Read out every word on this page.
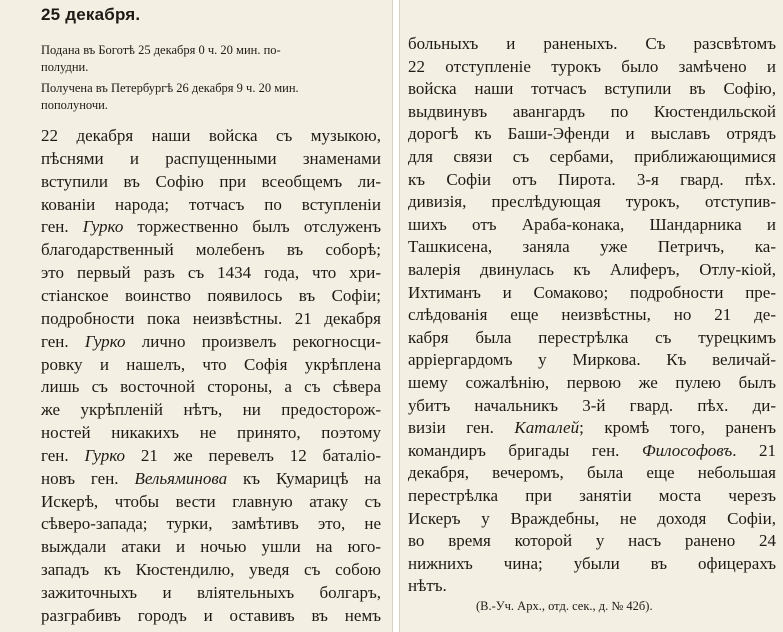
25 декабря.
Подана въ Боготѣ 25 декабря 0 ч. 20 мин. по-
полудни.
Получена въ Петербургѣ 26 декабря 9 ч. 20 мин.
пополуночи.
22 декабря наши войска съ музыкою,
пѣснями и распущенными знаменами
вступили въ Софію при всеобщемъ ли-
кованіи народа; тотчасъ по вступленіи
ген. Гурко торжественно былъ отслуженъ
благодарственный молебенъ въ соборѣ;
это первый разъ съ 1434 года, что хри-
стіанское воинство появилось въ Софіи;
подробности пока неизвѣстны. 21 декабря
ген. Гурко лично произвелъ рекогносци-
ровку и нашелъ, что Софія укрѣплена
лишь съ восточной стороны, а съ сѣвера
же укрѣпленій нѣтъ, ни предосторож-
ностей никакихъ не принято, поэтому
ген. Гурко 21 же перевелъ 12 баталіо-
новъ ген. Вельяминова къ Кумарицѣ на
Искерѣ, чтобы вести главную атаку съ
сѣверо-запада; турки, замѣтивъ это, не
выждали атаки и ночью ушли на юго-
западъ къ Кюстендилю, уведя съ собою
зажиточныхъ и вліятельныхъ болгаръ,
разграбивъ городъ и оставивъ въ немъ
больныхъ и раненыхъ. Съ разсвѣтомъ
22 отступленіе турокъ было замѣчено и
войска наши тотчасъ вступили въ Софію,
выдвинувъ авангардъ по Кюстендильской
дорогѣ къ Баши-Эфенди и выславъ отрядъ
для связи съ сербами, приближающимися
къ Софіи отъ Пирота. 3-я гвард. пѣх.
дивизія, преслѣдующая турокъ, отступив-
шихъ отъ Араба-конака, Шандарника и
Ташкисена, заняла уже Петричъ, ка-
валерія двинулась къ Алиферъ, Отлу-кіой,
Ихтиманъ и Сомаково; подробности пре-
слѣдованія еще неизвѣстны, но 21 де-
кабря была перестрѣлка съ турецкимъ
арріергардомъ у Миркова. Къ величай-
шему сожалѣнію, первою же пулею былъ
убитъ начальникъ 3-й гвард. пѣх. ди-
визіи ген. Каталей; кромѣ того, раненъ
командиръ бригады ген. Философовъ. 21
декабря, вечеромъ, была еще небольшая
перестрѣлка при занятіи моста черезъ
Искеръ у Враждебны, не доходя Софіи,
во время которой у насъ ранено 24
нижнихъ чина; убыли въ офицерахъ
нѣтъ.
(В.-Уч. Арх., отд. сек., д. № 42б).
